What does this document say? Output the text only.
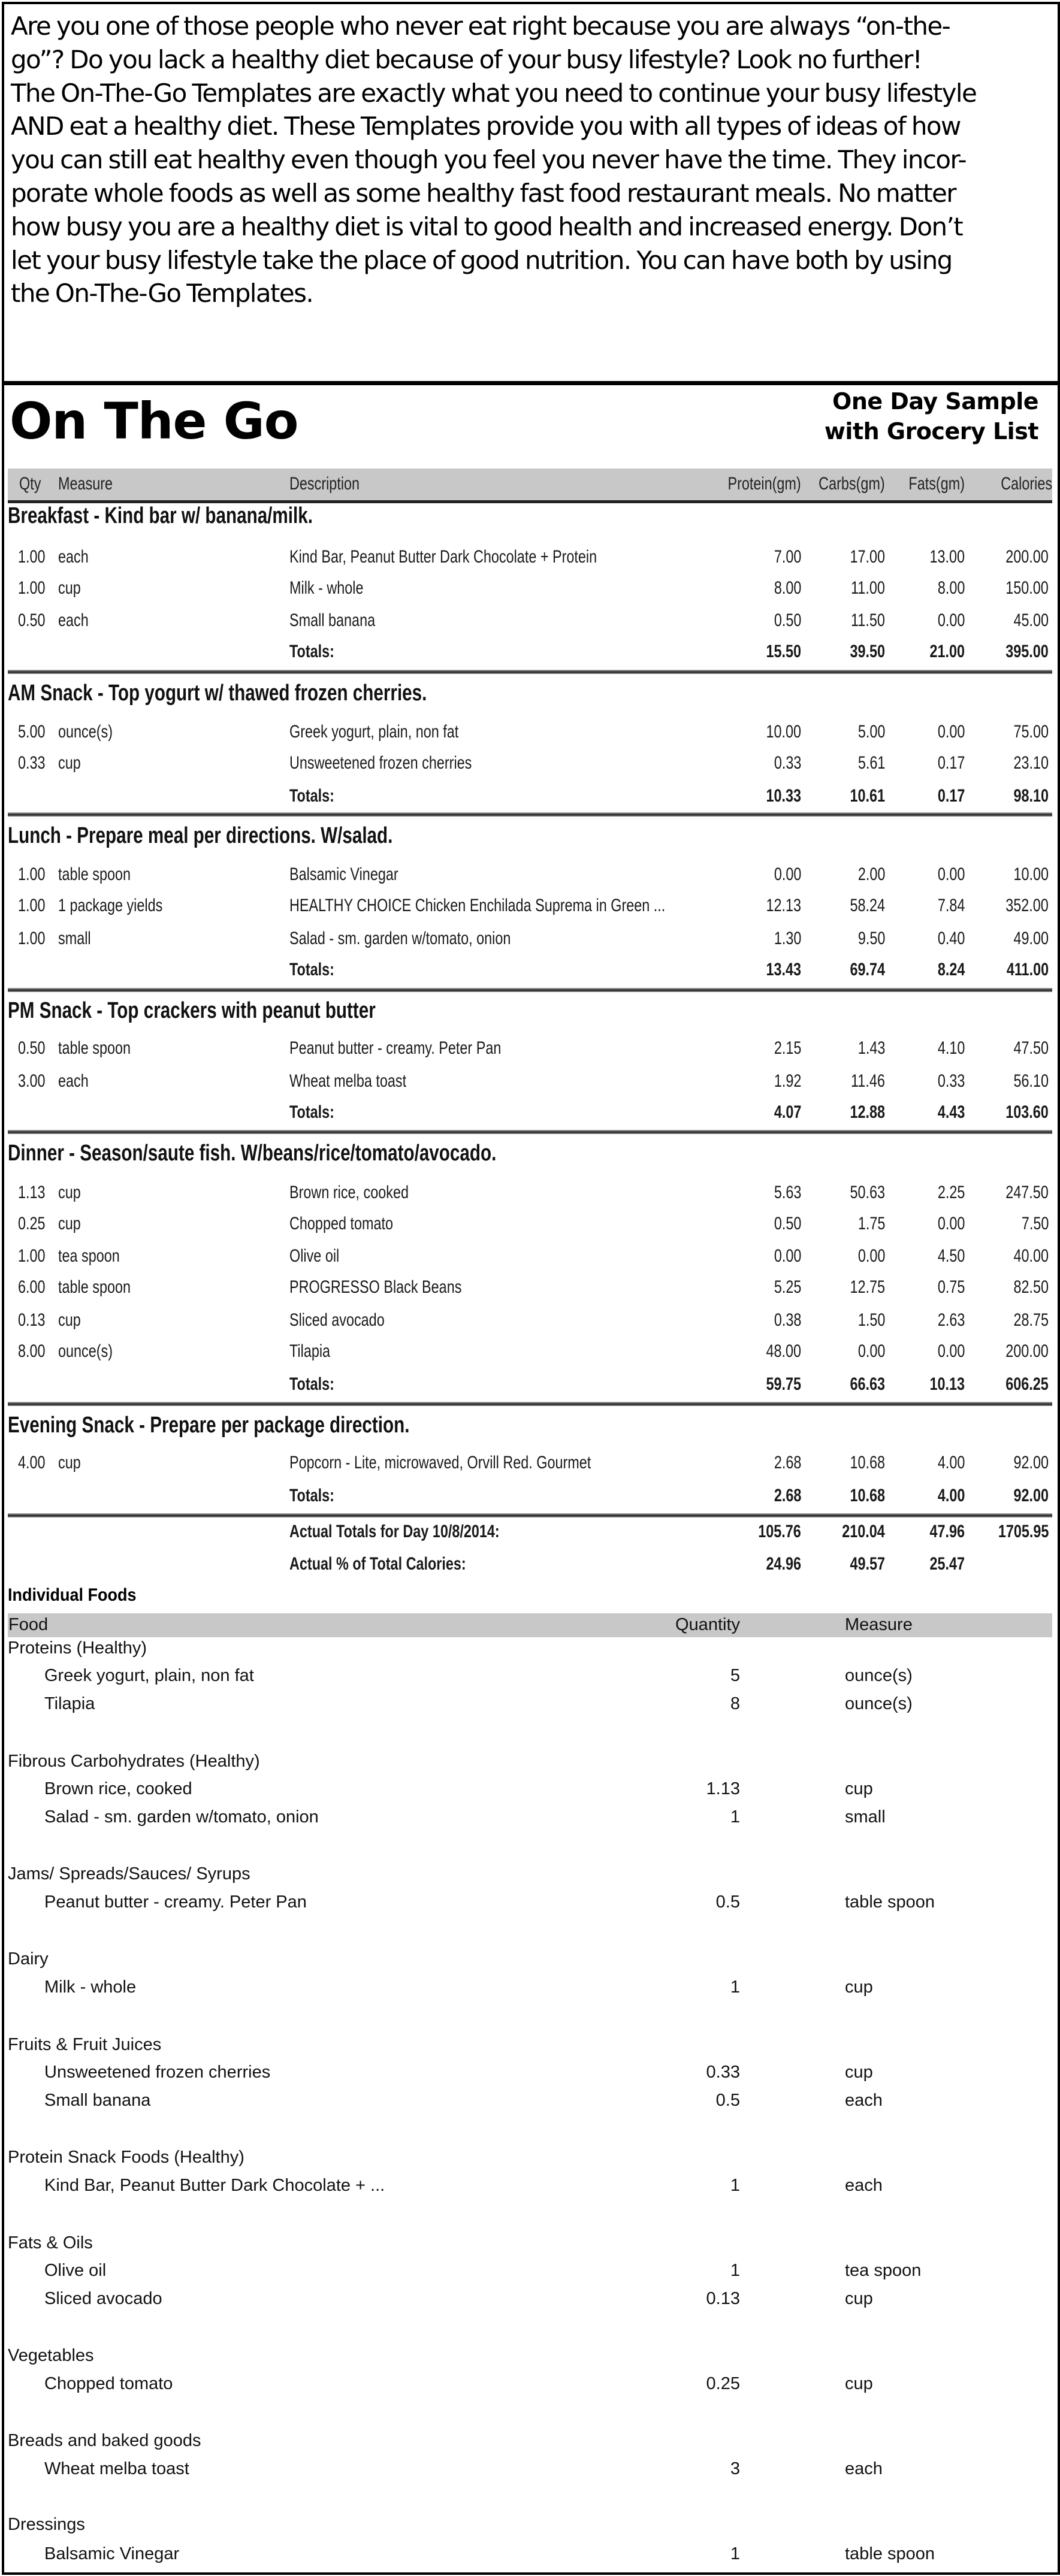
Are you one of those people who never eat right because you are always “on-the-
go”? Do you lack a healthy diet because of your busy lifestyle? Look no further!
The On-The-Go Templates are exactly what you need to continue your busy lifestyle
AND eat a healthy diet. These Templates provide you with all types of ideas of how
you can still eat healthy even though you feel you never have the time. They incor-
porate whole foods as well as some healthy fast food restaurant meals. No matter
how busy you are a healthy diet is vital to good health and increased energy. Don’t
let your busy lifestyle take the place of good nutrition. You can have both by using
the On-The-Go Templates.
On The Go	One Day Sample
with Grocery List
Qty Measure	Description	Protein(gm) Carbs(gm) Fats(gm) Calories
Breakfast - Kind bar w/ banana/milk.
1.00 each	Kind Bar, Peanut Butter Dark Chocolate + Protein	7.00	17.00 13.00 200.00
1.00 cup	Milk - whole	8.00	11.00	8.00 150.00
0.50 each	Small banana	0.50	11.50	0.00	45.00
Totals:	15.50	39.50 21.00 395.00
AM Snack - Top yogurt w/ thawed frozen cherries.
5.00 ounce(s)	Greek yogurt, plain, non fat	10.00	5.00	0.00	75.00
0.33 cup	Unsweetened frozen cherries	0.33	5.61	0.17	23.10
Totals:	10.33	10.61	0.17	98.10
Lunch - Prepare meal per directions. W/salad.
1.00 table spoon	Balsamic Vinegar	0.00	2.00	0.00	10.00
1.00 1 package yields	HEALTHY CHOICE Chicken Enchilada Suprema in Green ...	12.13	58.24	7.84 352.00
1.00 small	Salad - sm. garden w/tomato, onion	1.30	9.50	0.40	49.00
Totals:	13.43	69.74	8.24 411.00
PM Snack - Top crackers with peanut butter
0.50 table spoon	Peanut butter - creamy. Peter Pan	2.15	1.43	4.10	47.50
3.00 each	Wheat melba toast	1.92	11.46	0.33	56.10
Totals:	4.07	12.88	4.43 103.60
Dinner - Season/saute fish. W/beans/rice/tomato/avocado.
1.13 cup	Brown rice, cooked	5.63	50.63	2.25 247.50
0.25 cup	Chopped tomato	0.50	1.75	0.00	7.50
1.00 tea spoon	Olive oil	0.00	0.00	4.50	40.00
6.00 table spoon	PROGRESSO Black Beans	5.25	12.75	0.75	82.50
0.13 cup	Sliced avocado	0.38	1.50	2.63	28.75
8.00 ounce(s)	Tilapia	48.00	0.00	0.00 200.00
Totals:	59.75	66.63 10.13 606.25
Evening Snack - Prepare per package direction.
4.00 cup	Popcorn - Lite, microwaved, Orvill Red. Gourmet	2.68	10.68	4.00	92.00
Totals:	2.68	10.68	4.00	92.00
Actual Totals for Day 10/8/2014:	105.76 210.04 47.96 1705.95
Actual % of Total Calories:	24.96	49.57 25.47
Individual Foods
Food	Quantity	Measure
Proteins (Healthy)
Greek yogurt, plain, non fat	5	ounce(s)
Tilapia	8	ounce(s)
Fibrous Carbohydrates (Healthy)
Brown rice, cooked	1.13	cup
Salad - sm. garden w/tomato, onion	1	small
Jams/ Spreads/Sauces/ Syrups
Peanut butter - creamy. Peter Pan	0.5	table spoon
Dairy
Milk - whole	1	cup
Fruits & Fruit Juices
Unsweetened frozen cherries	0.33	cup
Small banana	0.5	each
Protein Snack Foods (Healthy)
Kind Bar, Peanut Butter Dark Chocolate + ...	1	each
Fats & Oils
Olive oil	1	tea spoon
Sliced avocado	0.13	cup
Vegetables
Chopped tomato	0.25	cup
Breads and baked goods
Wheat melba toast	3	each
Dressings
Balsamic Vinegar	1	table spoon
